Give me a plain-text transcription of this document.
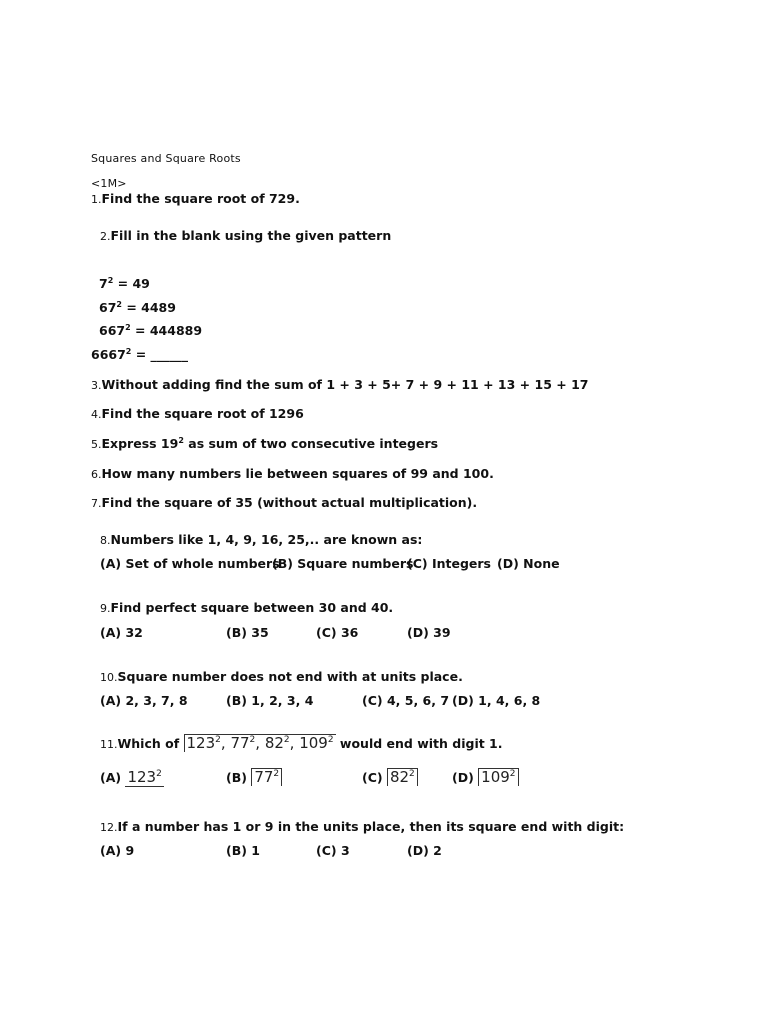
Squares and Square Roots
<1M>
1.Find the square root of 729.
2.Fill in the blank using the given pattern
$7^2 = 49$
$67^2 = 4489$
$667^2 = 444889$
$6667^2$ = ______
3.Without adding find the sum of 1 + 3 + 5+ 7 + 9 + 11 + 13 + 15 + 17
4.Find the square root of 1296
5.Express $19^2$ as sum of two consecutive integers
6.How many numbers lie between squares of 99 and 100.
7.Find the square of 35 (without actual multiplication).
8.Numbers like 1, 4, 9, 16, 25,.. are known as:
(A) Set of whole numbers
(B) Square numbers
(C) Integers (D) None
9.Find perfect square between 30 and 40.
(A) 32	(B) 35	(C) 36	(D) 39
10.Square number does not end with at units place.
(A) 2, 3, 7, 8	(B) 1, 2, 3, 4	(C) 4, 5, 6, 7 (D) 1, 4, 6, 8
11.Which of $123^2$, $77^2$, $82^2$, $109^2$ would end with digit 1.
(A) $123^2$	(B) $77^2$	(C) $82^2$	(D) $109^2$
12.If a number has 1 or 9 in the units place, then its square end with digit:
(A) 9	(B) 1	(C) 3	(D) 2
